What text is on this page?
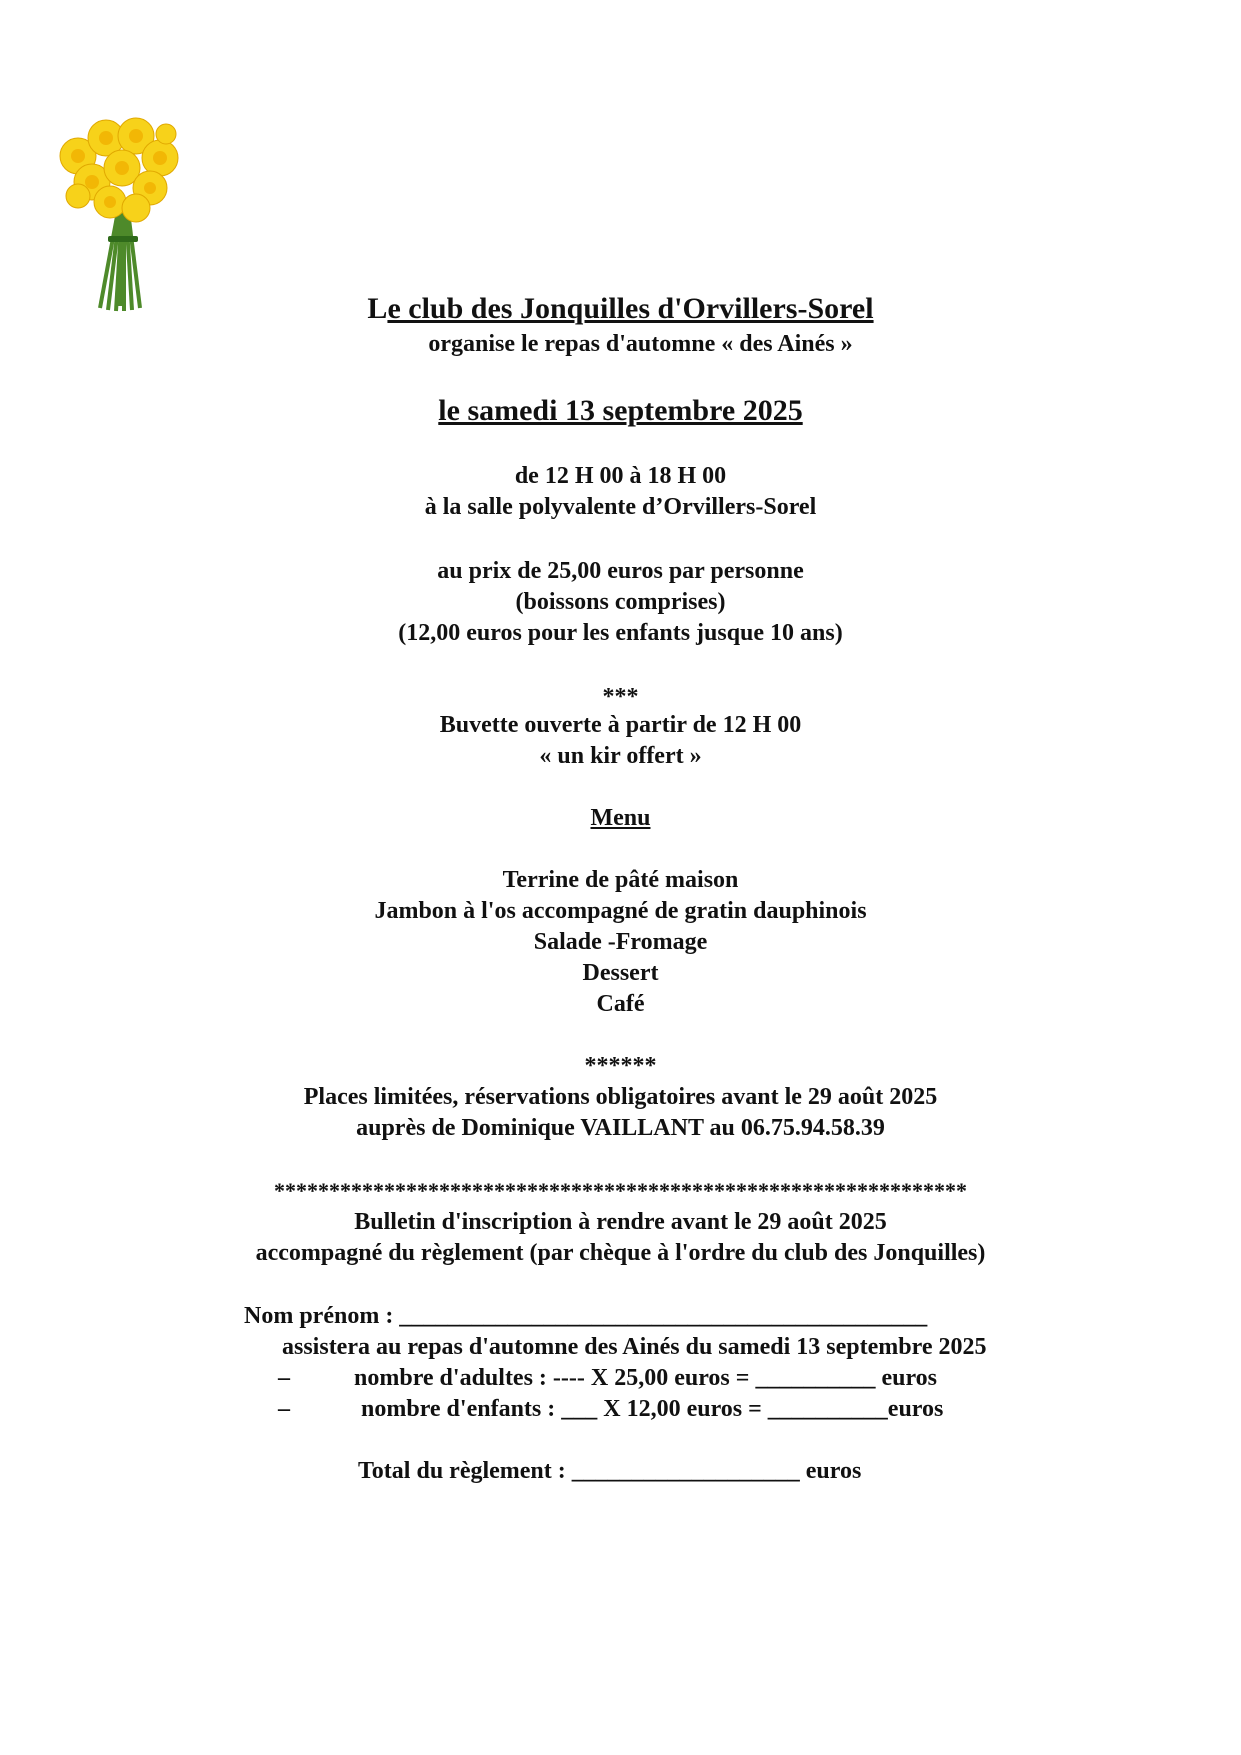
Le club des Jonquilles d'Orvillers-Sorel
organise le repas d'automne « des Ainés »
le samedi 13 septembre 2025
de 12 H 00 à 18 H 00
à la salle polyvalente d’Orvillers-Sorel
au prix de 25,00 euros par personne
(boissons comprises)
(12,00 euros pour les enfants jusque 10 ans)
***
Buvette ouverte à partir de 12 H 00
« un kir offert »
Menu
Terrine de pâté maison
Jambon à l'os accompagné de gratin dauphinois
Salade -Fromage
Dessert
Café
******
Places limitées, réservations obligatoires avant le 29 août 2025
auprès de Dominique VAILLANT au 06.75.94.58.39
***************************************************************
Bulletin d'inscription à rendre avant le 29 août 2025
accompagné du règlement (par chèque à l'ordre du club des Jonquilles)
Nom prénom : ____________________________________________
assistera au repas d'automne des Ainés du samedi 13 septembre 2025
–	nombre d'adultes : ---- X 25,00 euros = __________ euros
–	nombre d'enfants : ___ X 12,00 euros = __________euros
Total du règlement : ___________________ euros
